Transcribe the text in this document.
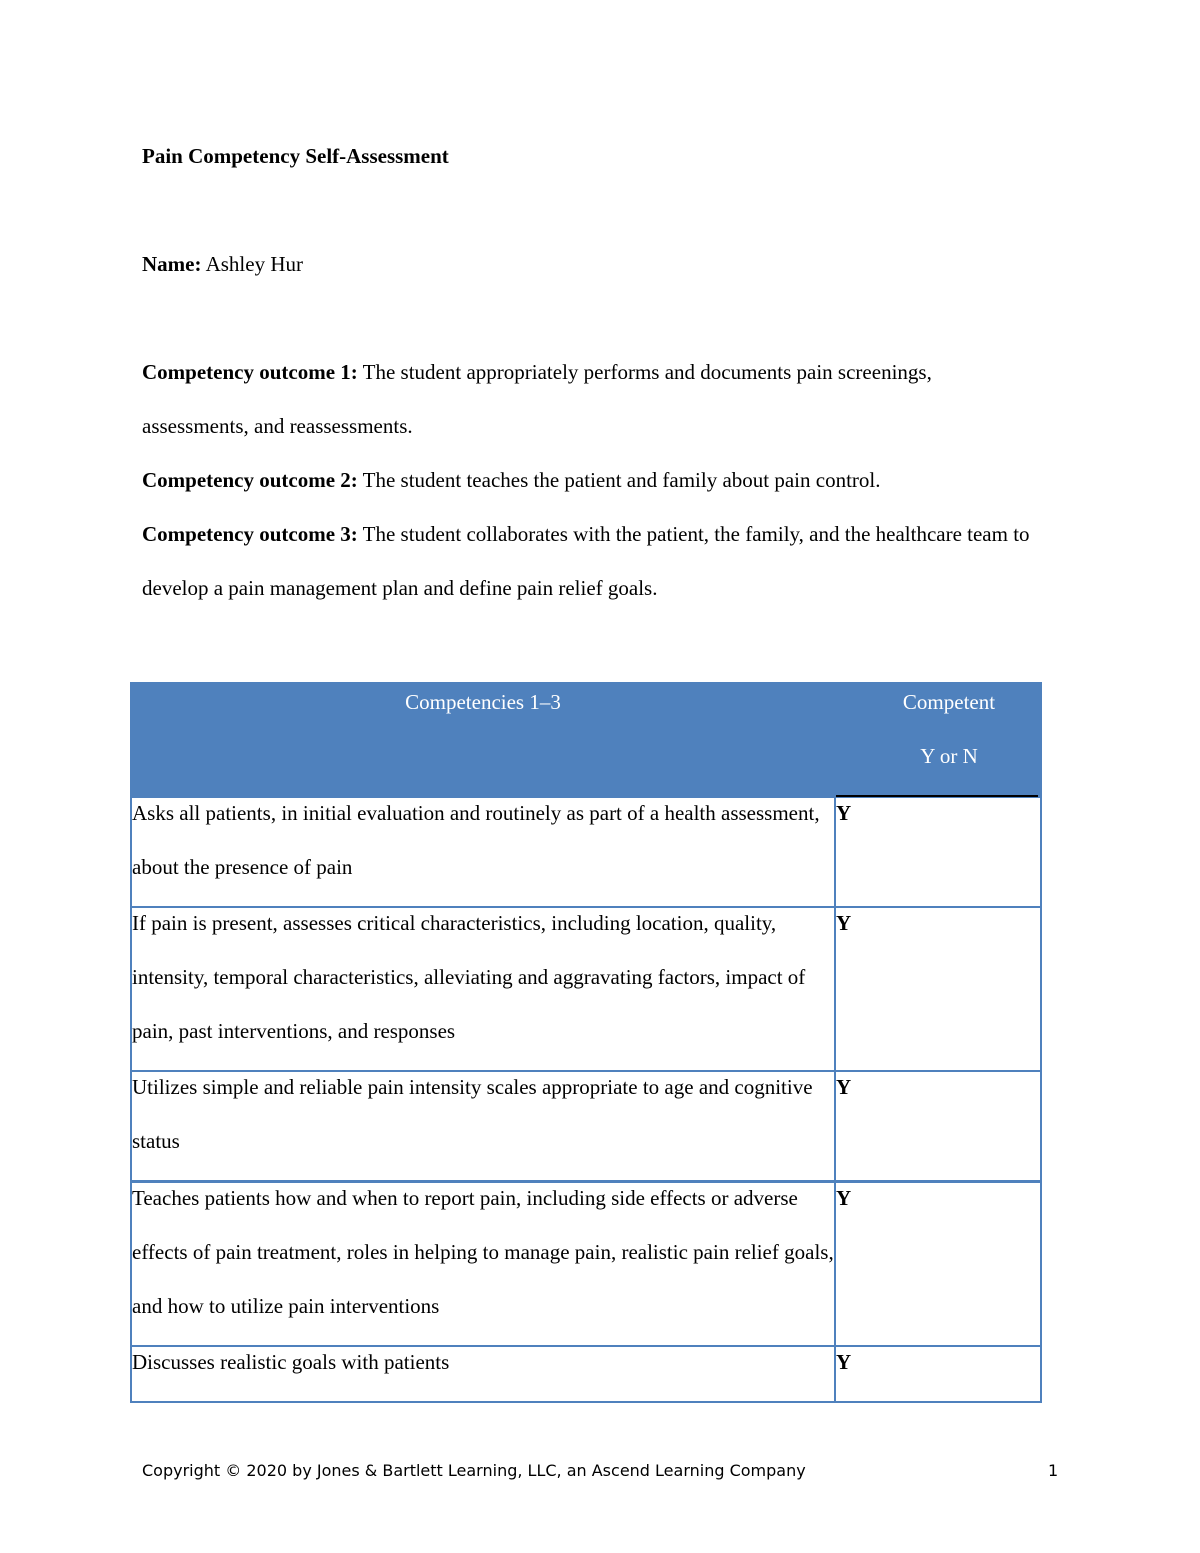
Pain Competency Self-Assessment
Name: Ashley Hur

Competency outcome 1: The student appropriately performs and documents pain screenings, assessments, and reassessments.

Competency outcome 2: The student teaches the patient and family about pain control.

Competency outcome 3: The student collaborates with the patient, the family, and the healthcare team to develop a pain management plan and define pain relief goals.

Competencies 1–3	Competent
Y or N

Asks all patients, in initial evaluation and routinely as part of a health assessment, about the presence of pain	Y

If pain is present, assesses critical characteristics, including location, quality, intensity, temporal characteristics, alleviating and aggravating factors, impact of pain, past interventions, and responses	Y

Utilizes simple and reliable pain intensity scales appropriate to age and cognitive status	Y

Teaches patients how and when to report pain, including side effects or adverse effects of pain treatment, roles in helping to manage pain, realistic pain relief goals, and how to utilize pain interventions	Y

Discusses realistic goals with patients	Y
Copyright © 2020 by Jones & Bartlett Learning, LLC, an Ascend Learning Company	1
